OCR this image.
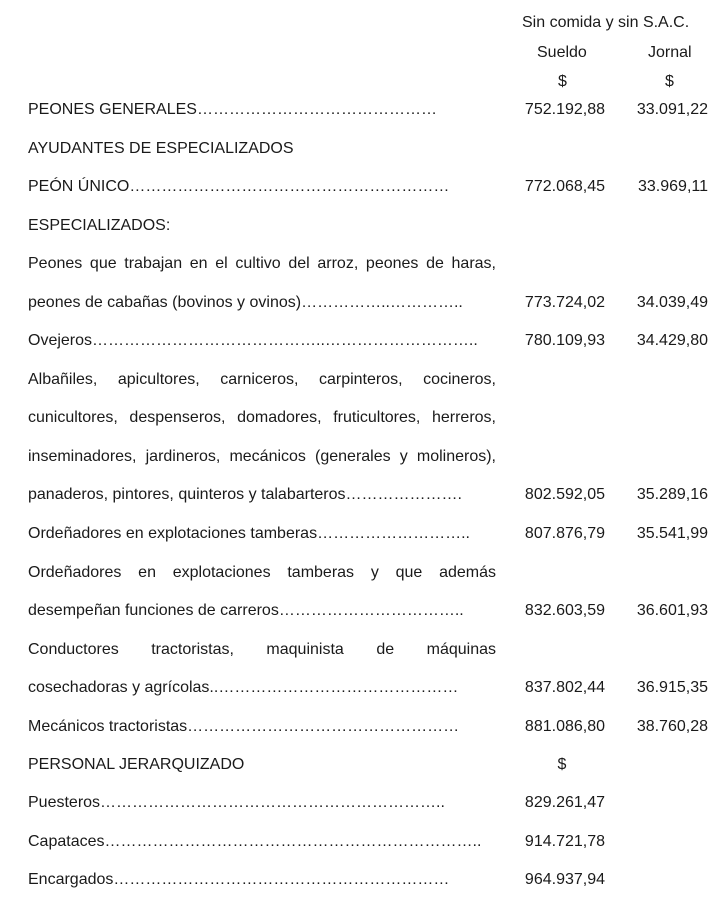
Sin comida y sin S.A.C.
Sueldo	Jornal
$	$
PEONES GENERALES………………………………………	752.192,88 33.091,22
AYUDANTES DE ESPECIALIZADOS
PEÓN ÚNICO……………………………………………………	772.068,45 33.969,11
ESPECIALIZADOS:
Peones que trabajan en el cultivo del arroz, peones de haras,
peones de cabañas (bovinos y ovinos)……………..…………..	773.724,02 34.039,49
Ovejeros……………………………………..………………………..	780.109,93 34.429,80
Albañiles, apicultores, carniceros, carpinteros, cocineros,
cunicultores, despenseros, domadores, fruticultores, herreros,
inseminadores, jardineros, mecánicos (generales y molineros),
panaderos, pintores, quinteros y talabarteros………………….	802.592,05 35.289,16
Ordeñadores en explotaciones tamberas………………………..	807.876,79 35.541,99
Ordeñadores en explotaciones tamberas y que además
desempeñan funciones de carreros……………………………..	832.603,59 36.601,93
Conductores tractoristas, maquinista de máquinas
cosechadoras y agrícolas..………………………………………	837.802,44 36.915,35
Mecánicos tractoristas……………………………………………	881.086,80 38.760,28
PERSONAL JERARQUIZADO	$
Puesteros………………………………………………………..	829.261,47
Capataces……………………………………………………………..	914.721,78
Encargados………………………………………………………	964.937,94
